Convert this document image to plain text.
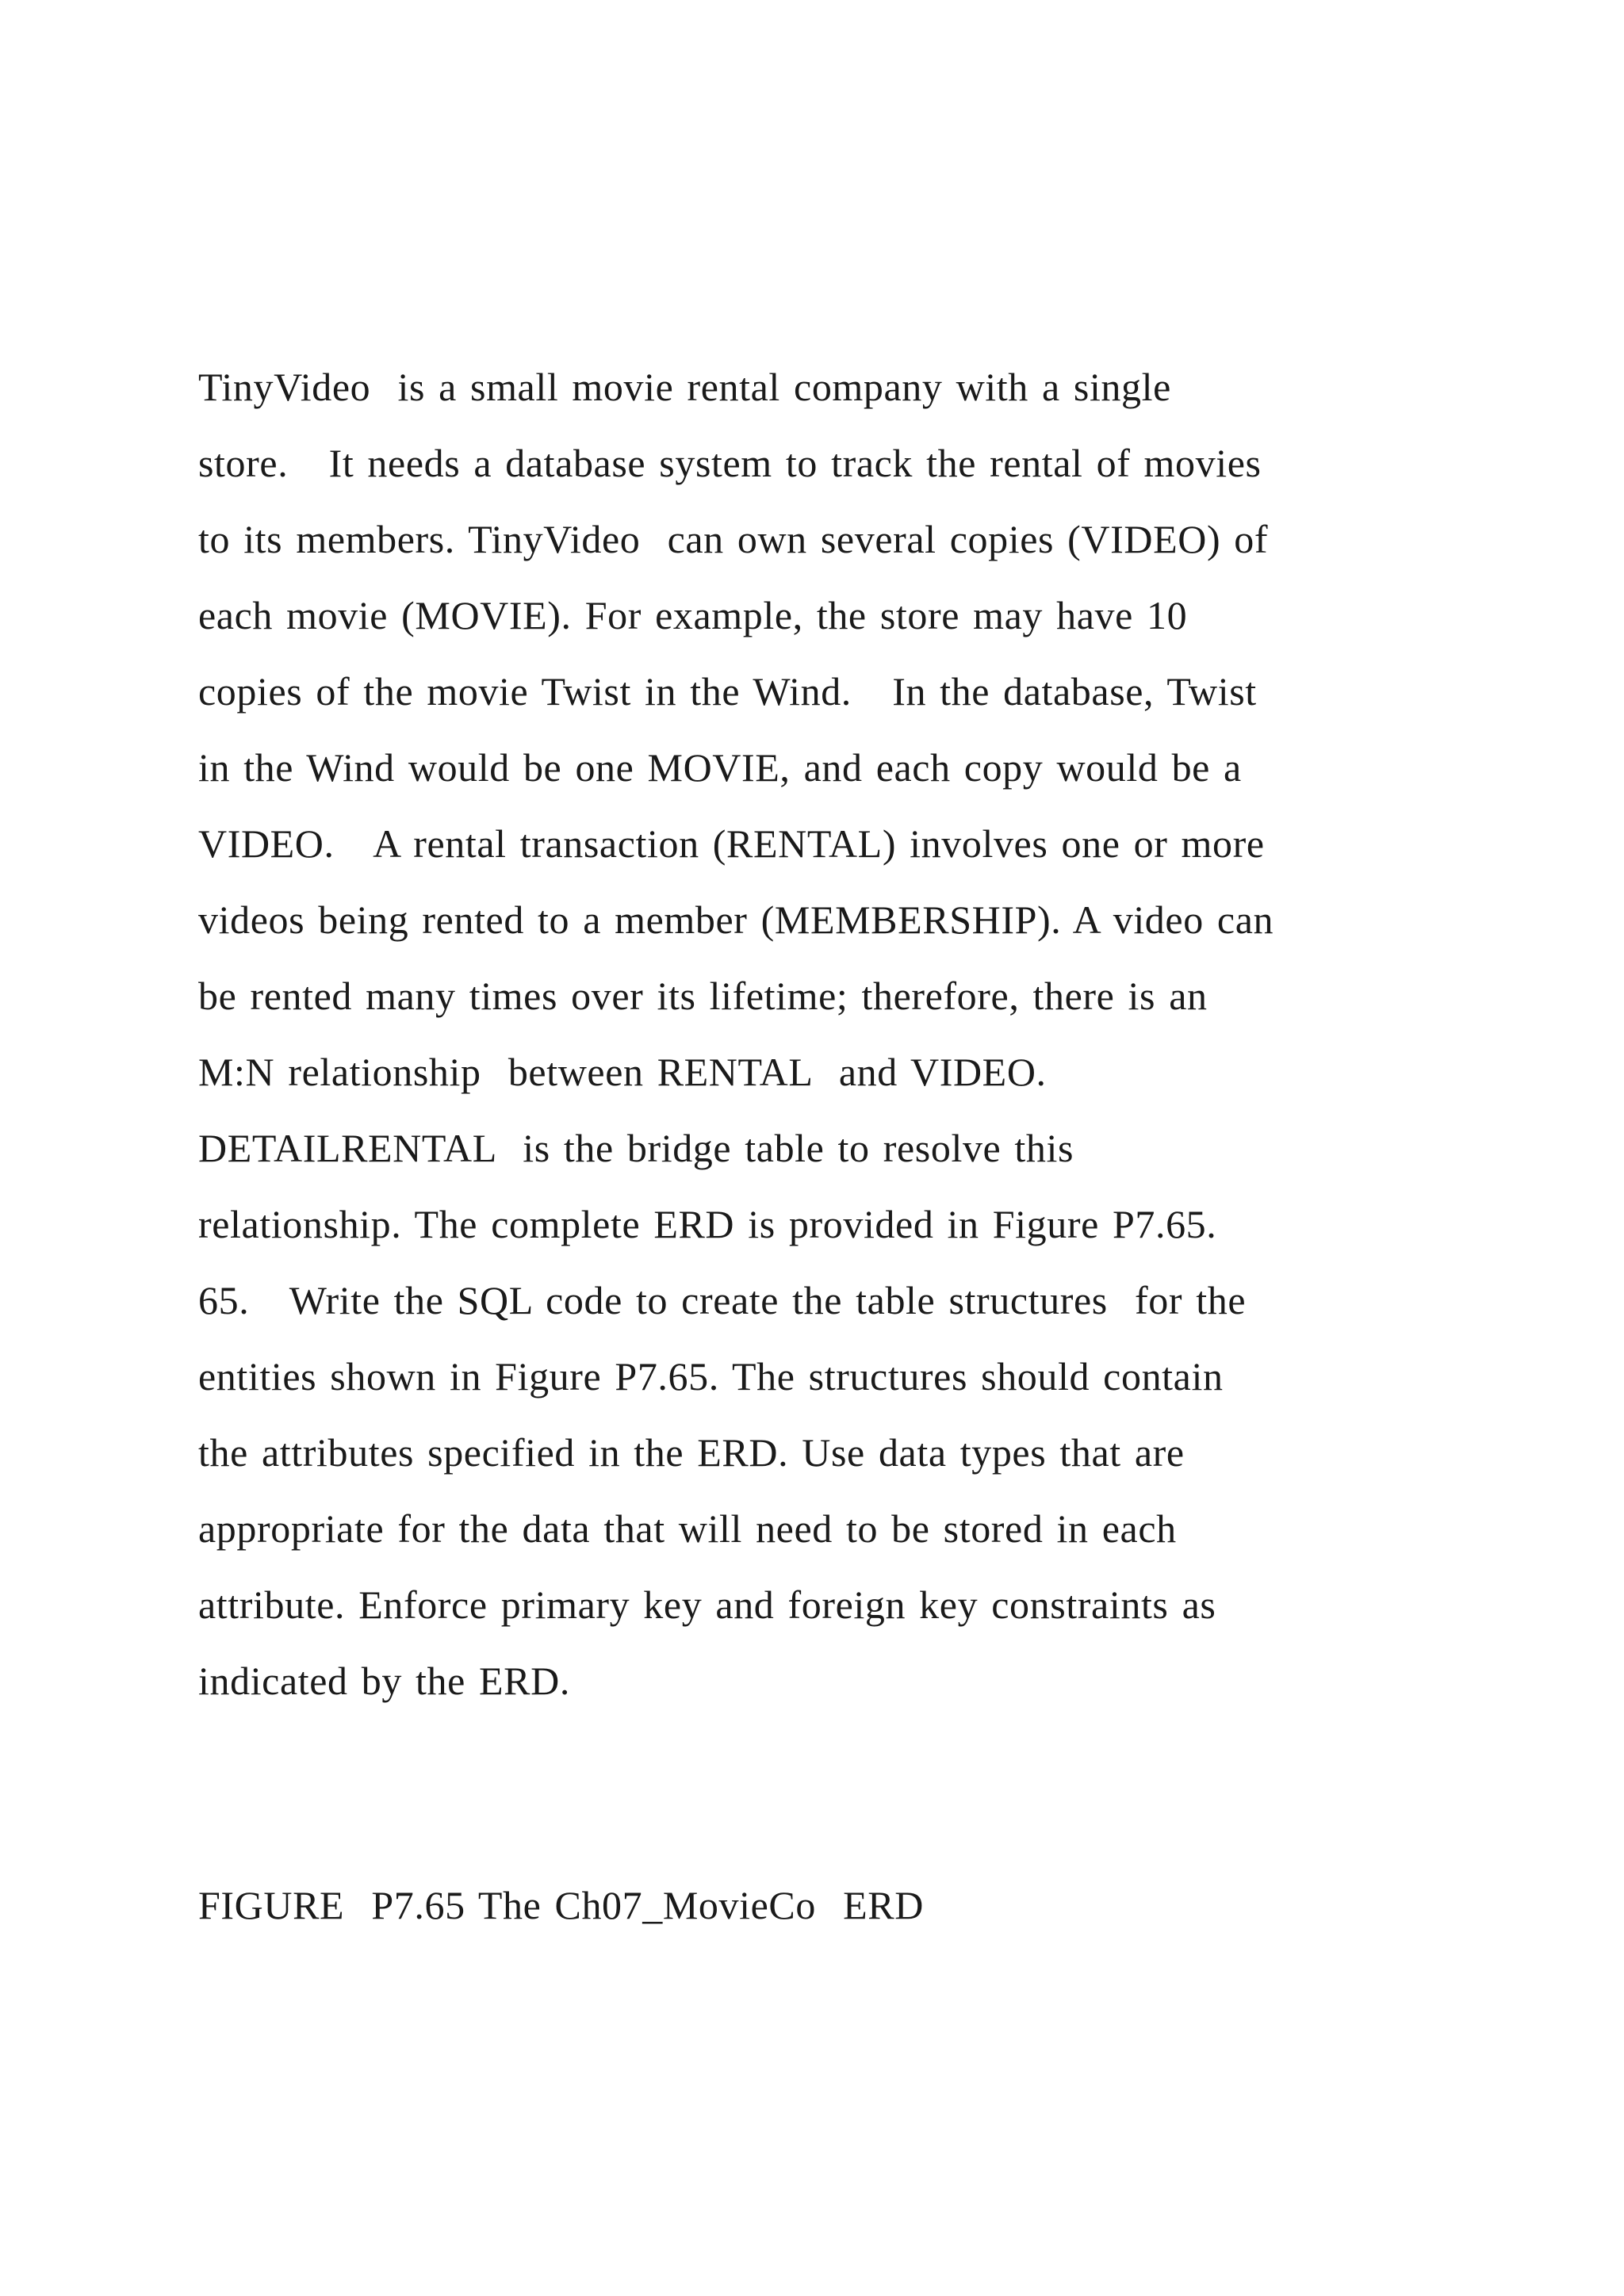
TinyVideo  is a small movie rental company with a single
store.   It needs a database system to track the rental of movies
to its members. TinyVideo  can own several copies (VIDEO) of
each movie (MOVIE). For example, the store may have 10
copies of the movie Twist in the Wind.   In the database, Twist
in the Wind would be one MOVIE, and each copy would be a
VIDEO.   A rental transaction (RENTAL) involves one or more
videos being rented to a member (MEMBERSHIP). A video can
be rented many times over its lifetime; therefore, there is an
M:N relationship  between RENTAL  and VIDEO.
DETAILRENTAL  is the bridge table to resolve this
relationship. The complete ERD is provided in Figure P7.65.
65.   Write the SQL code to create the table structures  for the
entities shown in Figure P7.65. The structures should contain
the attributes specified in the ERD. Use data types that are
appropriate for the data that will need to be stored in each
attribute. Enforce primary key and foreign key constraints as
indicated by the ERD.

FIGURE  P7.65 The Ch07_MovieCo  ERD
